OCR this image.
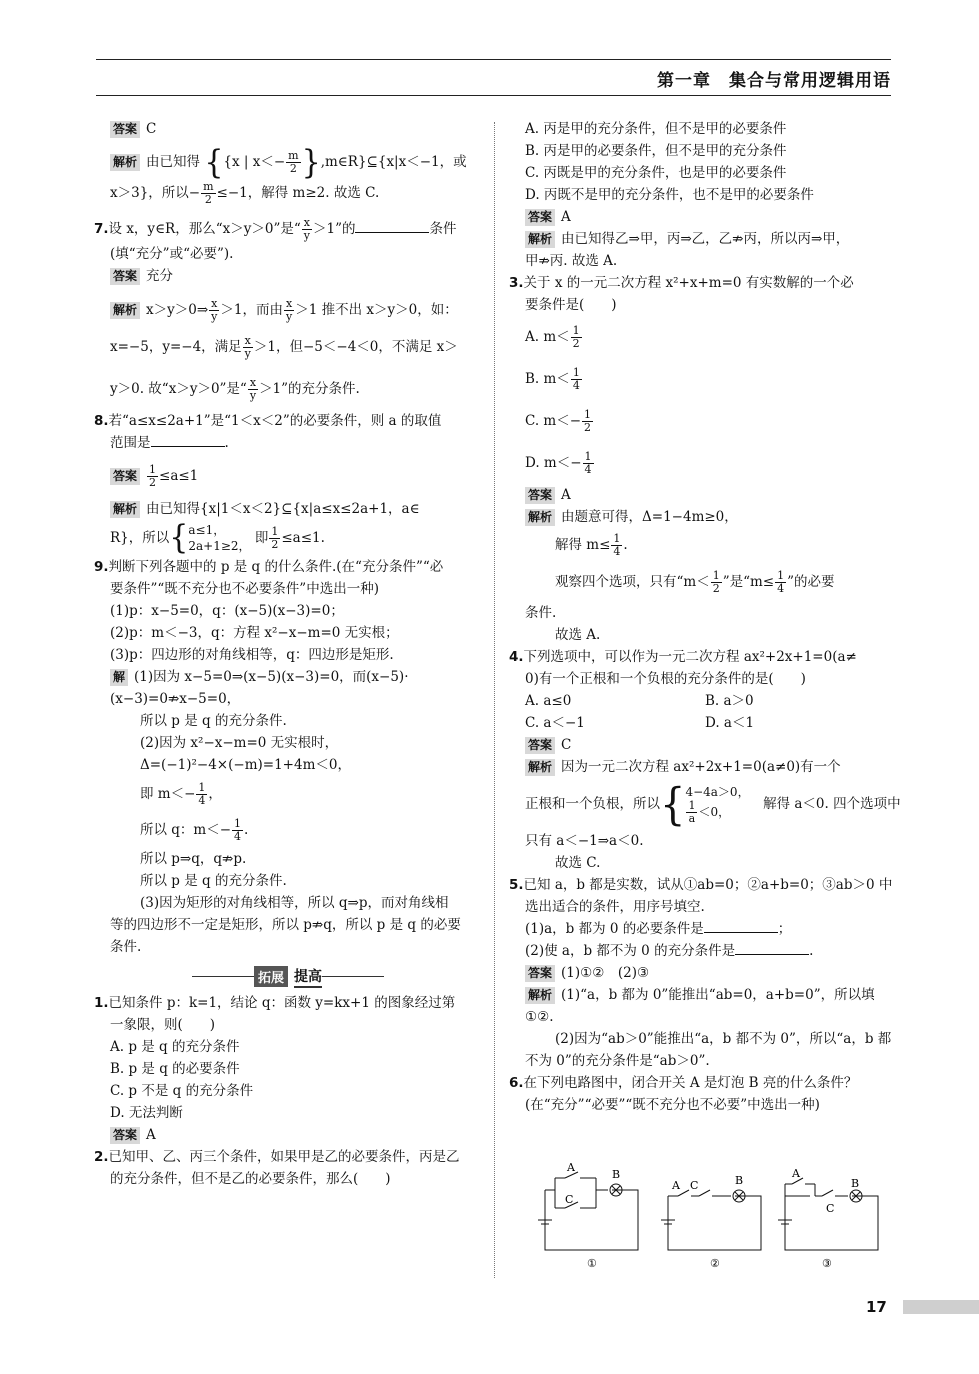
第一章　集合与常用逻辑用语

答案 C

解析 由已知得 {{x | $x<- \frac{m}{2}$ },m∈R}⊆{x|x＜−1，或

x＞3}，所以− $\frac{m}{2} \le-1$，解得 m≥2. 故选 C.

7.设 x，y∈R，那么“x＞y＞0”是“ $\frac{x}{y} >1$”的	条件

(填“充分”或“必要”).

答案 充分

解析 x＞y＞0⇒ $\frac{x}{y} >1$，而由 $\frac{x}{y} >1$ 推不出 x＞y＞0，如：

x=−5，y=−4，满足 $\frac{x}{y} >1$，但−5＜−4＜0，不满足 x＞

y＞0. 故“x＞y＞0”是“ $\frac{x}{y} >1$”的充分条件.

8.若“a≤x≤2a+1”是“1＜x＜2”的必要条件，则 a 的取值

范围是	.

答案 $\frac{1}{2} \le a\le 1$

解析 由已知得{x|1＜x＜2}⊆{x|a≤x≤2a+1，a∈

R}，所以{ a≤1，
2a+1≥2，
即 $\frac{1}{2} \le a\le 1$.

9.判断下列各题中的 p 是 q 的什么条件.(在“充分条件”“必

要条件”“既不充分也不必要条件”中选出一种)

(1)p：x−5=0，q：(x−5)(x−3)=0；

(2)p：m＜−3，q：方程 x²−x−m=0 无实根；

(3)p：四边形的对角线相等，q：四边形是矩形.

解 (1)因为 x−5=0⇒(x−5)(x−3)=0，而(x−5)·

(x−3)=0⇏x−5=0，

所以 p 是 q 的充分条件.

(2)因为 x²−x−m=0 无实根时，

Δ=(−1)²−4×(−m)=1+4m＜0，

即 $m<- \frac{1}{4}$ ，

所以 q：$m<- \frac{1}{4}$ .

所以 p⇒q，q⇏p.

所以 p 是 q 的充分条件.

(3)因为矩形的对角线相等，所以 q⇒p，而对角线相

等的四边形不一定是矩形，所以 p⇏q，所以 p 是 q 的必要

条件.

拓展 提高

1.已知条件 p：k=1，结论 q：函数 y=kx+1 的图象经过第

一象限，则(　　)

A. p 是 q 的充分条件

B. p 是 q 的必要条件

C. p 不是 q 的充分条件

D. 无法判断

答案 A

2.已知甲、乙、丙三个条件，如果甲是乙的必要条件，丙是乙

的充分条件，但不是乙的必要条件，那么(　　)

A. 丙是甲的充分条件，但不是甲的必要条件

B. 丙是甲的必要条件，但不是甲的充分条件

C. 丙既是甲的充分条件，也是甲的必要条件

D. 丙既不是甲的充分条件，也不是甲的必要条件

答案 A

解析 由已知得乙⇒甲，丙⇒乙，乙⇏丙，所以丙⇒甲，

甲⇏丙. 故选 A.

3.关于 x 的一元二次方程 x²+x+m=0 有实数解的一个必

要条件是(　　)

A. $m< \frac{1}{2}$

B. $m< \frac{1}{4}$

C. $m<- \frac{1}{2}$

D. $m<- \frac{1}{4}$

答案 A

解析 由题意可得，Δ=1−4m≥0，

解得 $m\le \frac{1}{4}$ .

观察四个选项，只有“$m< \frac{1}{2}$ ”是“$m\le \frac{1}{4}$ ”的必要

条件.

故选 A.

4.下列选项中，可以作为一元二次方程 ax²+2x+1=0(a≠

0)有一个正根和一个负根的充分条件的是(　　)

A. a≤0	B. a＞0

C. a＜−1	D. a＜1

答案 C

解析 因为一元二次方程 ax²+2x+1=0(a≠0)有一个

正根和一个负根，所以{ 4−4a＞0，
$\frac{1}{a} <0$，
　	解得 a＜0. 四个选项中

只有 a＜−1⇒a＜0.

故选 C.

5.已知 a，b 都是实数，试从①ab=0；②a+b=0；③ab＞0 中

选出适合的条件，用序号填空.

(1)a，b 都为 0 的必要条件是	；

(2)使 a，b 都不为 0 的充分条件是	.

答案 (1)①②　(2)③

解析 (1)“a，b 都为 0”能推出“ab=0，a+b=0”，所以填

①②.

(2)因为“ab＞0”能推出“a，b 都不为 0”，所以“a，b 都

不为 0”的充分条件是“ab＞0”.

6.在下列电路图中，闭合开关 A 是灯泡 B 亮的什么条件？

(在“充分”“必要”“既不充分也不必要”中选出一种)

A
C
B
①
A C	B
②
A
C
B
③
17
